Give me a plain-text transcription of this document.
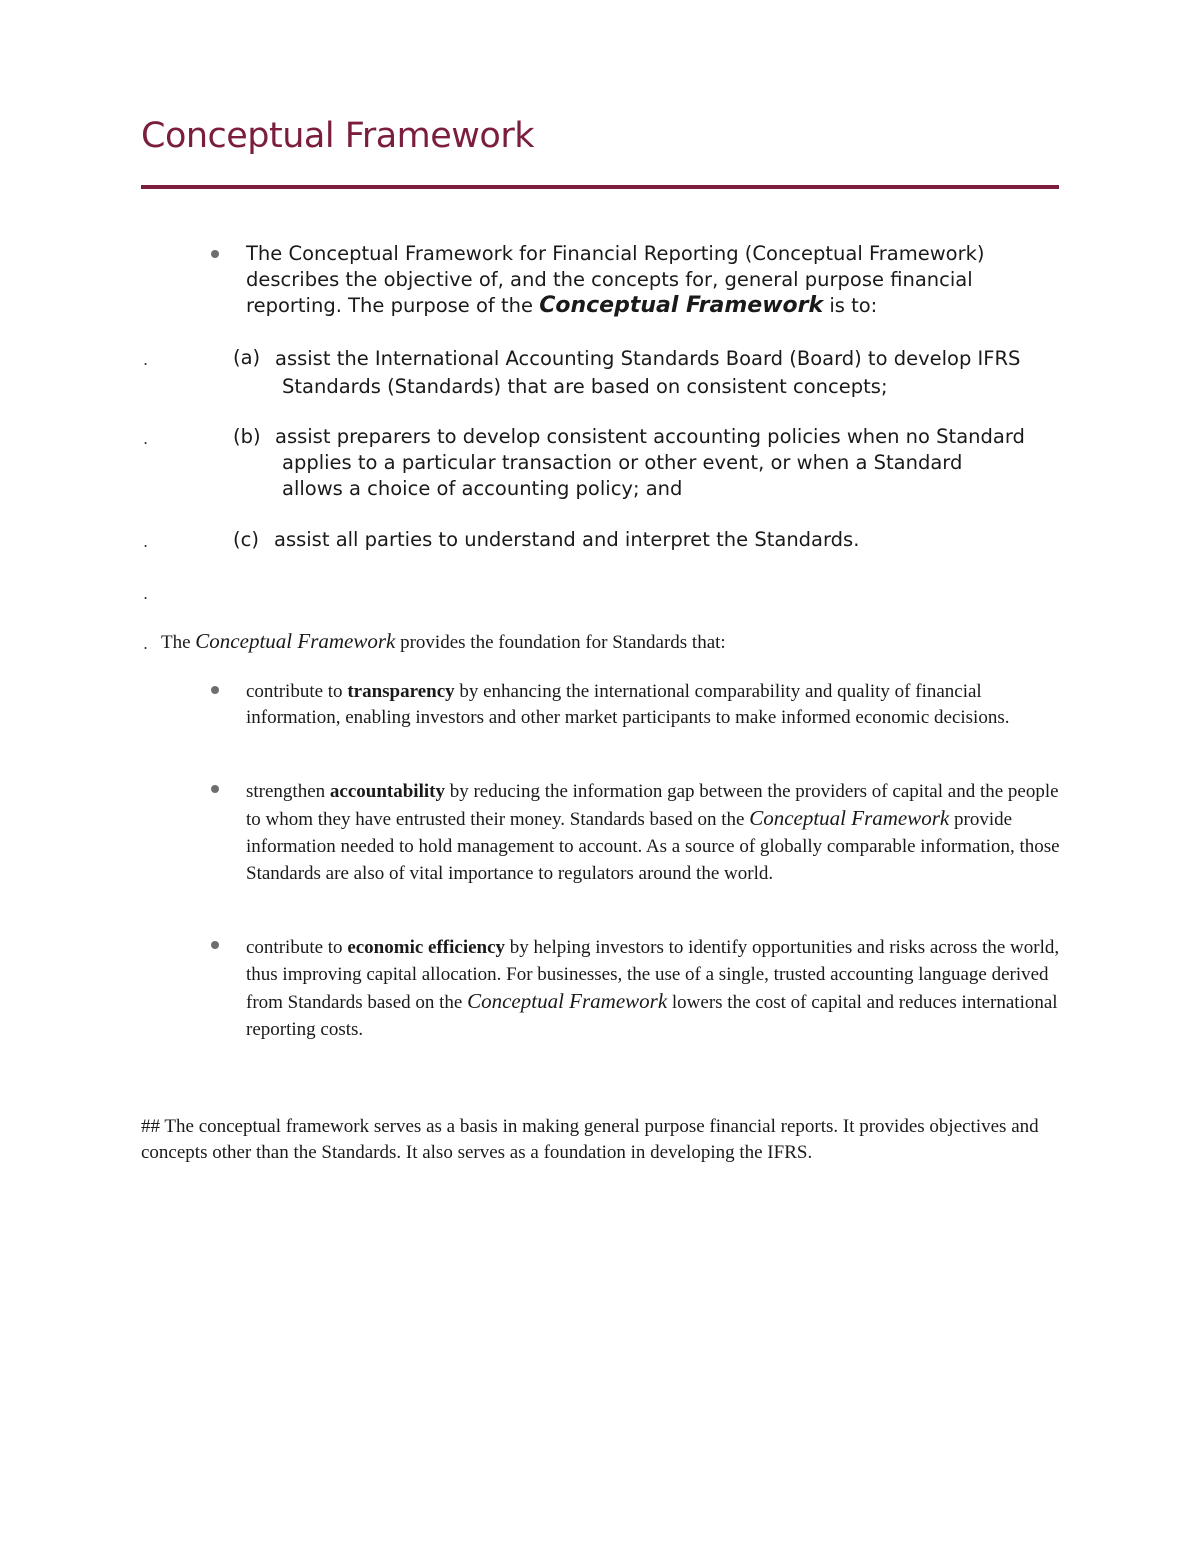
Conceptual Framework

The Conceptual Framework for Financial Reporting (Conceptual Framework) describes the objective of, and the concepts for, general purpose financial reporting. The purpose of the Conceptual Framework is to:

.	(a) assist the International Accounting Standards Board (Board) to develop IFRS Standards (Standards) that are based on consistent concepts;

.	(b) assist preparers to develop consistent accounting policies when no Standard applies to a particular transaction or other event, or when a Standard allows a choice of accounting policy; and

.	(c) assist all parties to understand and interpret the Standards.

.
. The Conceptual Framework provides the foundation for Standards that:

contribute to transparency by enhancing the international comparability and quality of financial information, enabling investors and other market participants to make informed economic decisions.

strengthen accountability by reducing the information gap between the providers of capital and the people to whom they have entrusted their money. Standards based on the Conceptual Framework provide information needed to hold management to account. As a source of globally comparable information, those Standards are also of vital importance to regulators around the world.

contribute to economic efficiency by helping investors to identify opportunities and risks across the world, thus improving capital allocation. For businesses, the use of a single, trusted accounting language derived from Standards based on the Conceptual Framework lowers the cost of capital and reduces international reporting costs.

## The conceptual framework serves as a basis in making general purpose financial reports. It provides objectives and concepts other than the Standards. It also serves as a foundation in developing the IFRS.
